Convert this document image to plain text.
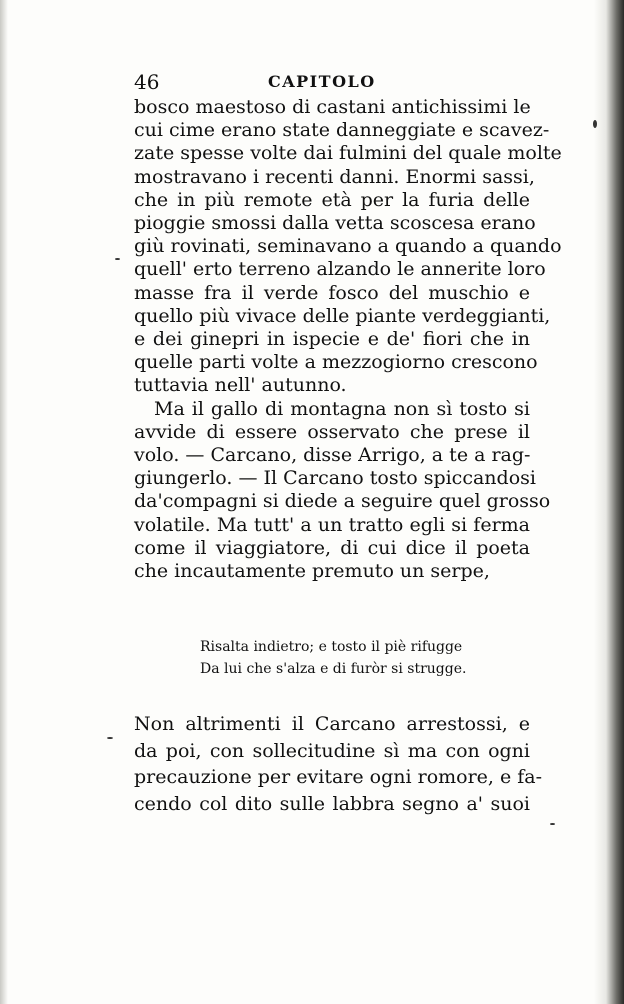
46	CAPITOLO
bosco maestoso di castani antichissimi le
cui cime erano state danneggiate e scavez-
zate spesse volte dai fulmini del quale molte
mostravano i recenti danni. Enormi sassi,
che in più remote età per la furia delle
pioggie smossi dalla vetta scoscesa erano
giù rovinati, seminavano a quando a quando
quell' erto terreno alzando le annerite loro
masse fra il verde fosco del muschio e
quello più vivace delle piante verdeggianti,
e dei ginepri in ispecie e de' fiori che in
quelle parti volte a mezzogiorno crescono
tuttavia nell' autunno.
Ma il gallo di montagna non sì tosto si
avvide di essere osservato che prese il
volo. — Carcano, disse Arrigo, a te a rag-
giungerlo. — Il Carcano tosto spiccandosi
da'compagni si diede a seguire quel grosso
volatile. Ma tutt' a un tratto egli si ferma
come il viaggiatore, di cui dice il poeta
che incautamente premuto un serpe,
Risalta indietro; e tosto il piè rifugge
Da lui che s'alza e di furòr si strugge.
Non altrimenti il Carcano arrestossi, e
da poi, con sollecitudine sì ma con ogni
precauzione per evitare ogni romore, e fa-
cendo col dito sulle labbra segno a' suoi
